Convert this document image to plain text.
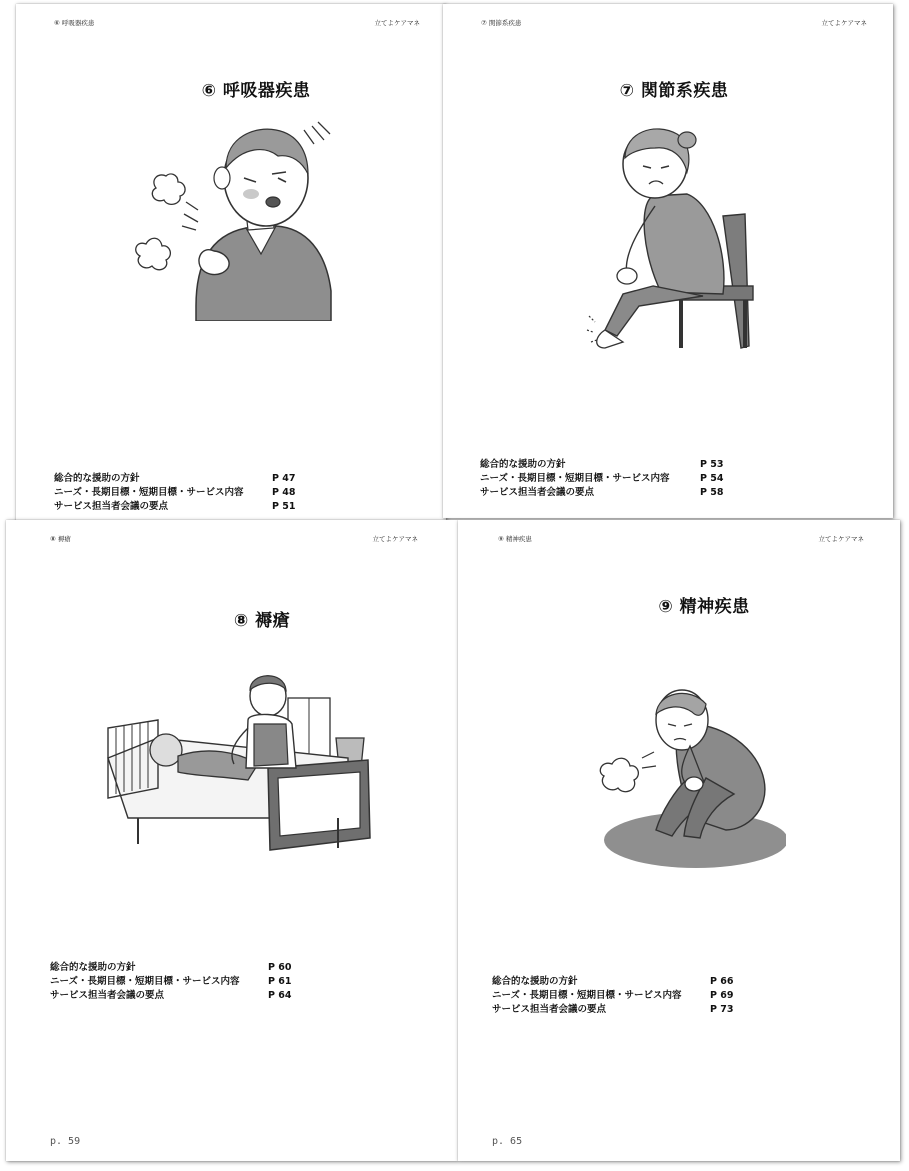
⑥ 呼吸器疾患	立てよケアマネ
⑥ 呼吸器疾患
総合的な援助の方針	P 47
ニーズ・長期目標・短期目標・サービス内容	P 48
サービス担当者会議の要点	P 51
⑦ 関節系疾患	立てよケアマネ
⑦ 関節系疾患
総合的な援助の方針	P 53
ニーズ・長期目標・短期目標・サービス内容	P 54
サービス担当者会議の要点	P 58
⑧ 褥瘡	立てよケアマネ
⑧ 褥瘡
総合的な援助の方針	P 60
ニーズ・長期目標・短期目標・サービス内容	P 61
サービス担当者会議の要点	P 64
p. 59
⑨ 精神疾患	立てよケアマネ
⑨ 精神疾患
総合的な援助の方針	P 66
ニーズ・長期目標・短期目標・サービス内容	P 69
サービス担当者会議の要点	P 73
p. 65
